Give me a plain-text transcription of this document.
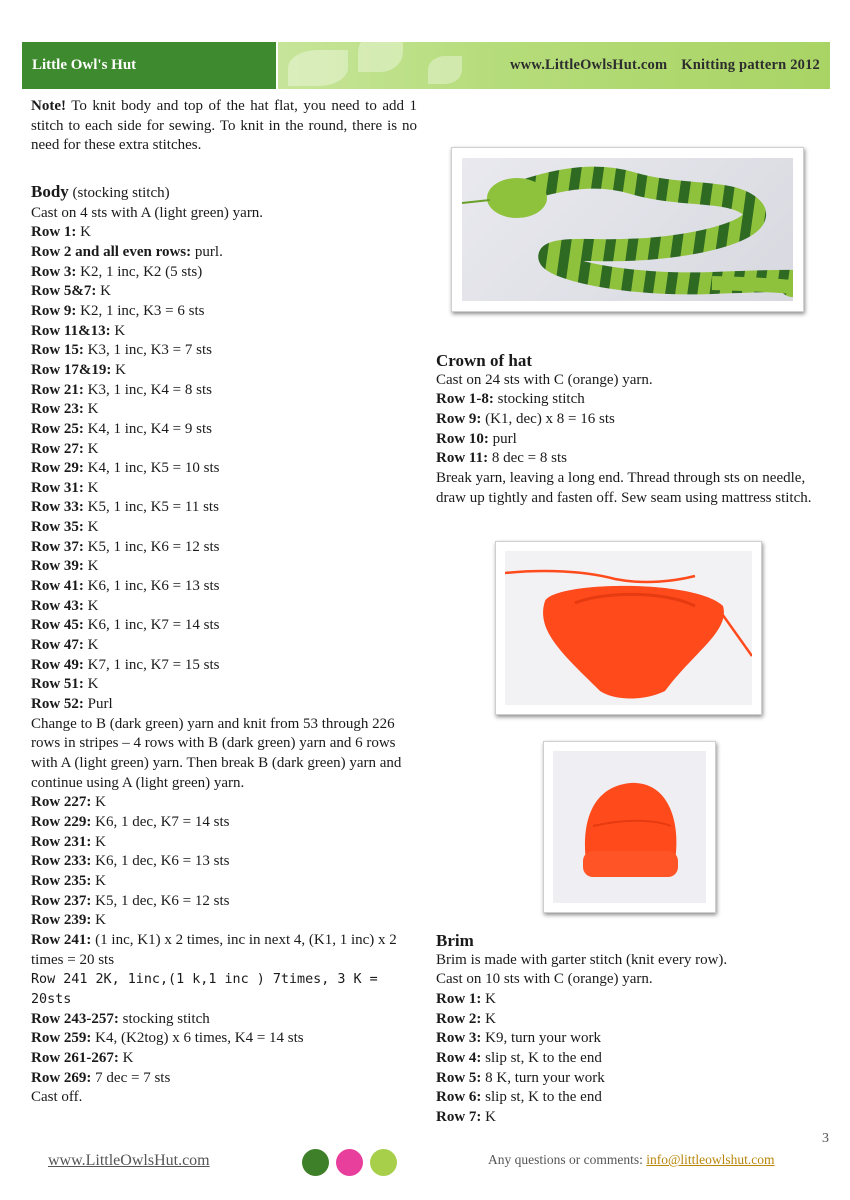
Little Owl's Hut	www.LittleOwlsHut.com Knitting pattern 2012

Note! To knit body and top of the hat flat, you need to add 1 stitch to each side for sewing. To knit in the round, there is no need for these extra stitches.

Body (stocking stitch)

Cast on 4 sts with A (light green) yarn.

Row 1: K

Row 2 and all even rows: purl.

Row 3: K2, 1 inc, K2 (5 sts)

Row 5&7: K

Row 9: K2, 1 inc, K3 = 6 sts

Row 11&13: K

Row 15: K3, 1 inc, K3 = 7 sts

Row 17&19: K

Row 21: K3, 1 inc, K4 = 8 sts

Row 23: K

Row 25: K4, 1 inc, K4 = 9 sts

Row 27: K

Row 29: K4, 1 inc, K5 = 10 sts

Row 31: K

Row 33: K5, 1 inc, K5 = 11 sts

Row 35: K

Row 37: K5, 1 inc, K6 = 12 sts

Row 39: K

Row 41: K6, 1 inc, K6 = 13 sts

Row 43: K

Row 45: K6, 1 inc, K7 = 14 sts

Row 47: K

Row 49: K7, 1 inc, K7 = 15 sts

Row 51: K

Row 52: Purl

Change to B (dark green) yarn and knit from 53 through 226 rows in stripes – 4 rows with B (dark green) yarn and 6 rows with A (light green) yarn. Then break B (dark green) yarn and continue using A (light green) yarn.

Row 227: K

Row 229: K6, 1 dec, K7 = 14 sts

Row 231: K

Row 233: K6, 1 dec, K6 = 13 sts

Row 235: K

Row 237: K5, 1 dec, K6 = 12 sts

Row 239: K

Row 241: (1 inc, K1) x 2 times, inc in next 4, (K1, 1 inc) x 2 times = 20 sts

Row 241 2K, 1inc,(1 k,1 inc ) 7times, 3 K = 20sts

Row 243-257: stocking stitch

Row 259: K4, (K2tog) x 6 times, K4 = 14 sts

Row 261-267: K

Row 269: 7 dec = 7 sts

Cast off.

Crown of hat

Cast on 24 sts with C (orange) yarn.

Row 1-8: stocking stitch

Row 9: (K1, dec) x 8 = 16 sts

Row 10: purl

Row 11: 8 dec = 8 sts

Break yarn, leaving a long end. Thread through sts on needle, draw up tightly and fasten off. Sew seam using mattress stitch.

Brim

Brim is made with garter stitch (knit every row).

Cast on 10 sts with C (orange) yarn.

Row 1: K

Row 2: K

Row 3: K9, turn your work

Row 4: slip st, K to the end

Row 5: 8 K, turn your work

Row 6: slip st, K to the end

Row 7: K

3
www.LittleOwlsHut.com	Any questions or comments: info@littleowlshut.com
